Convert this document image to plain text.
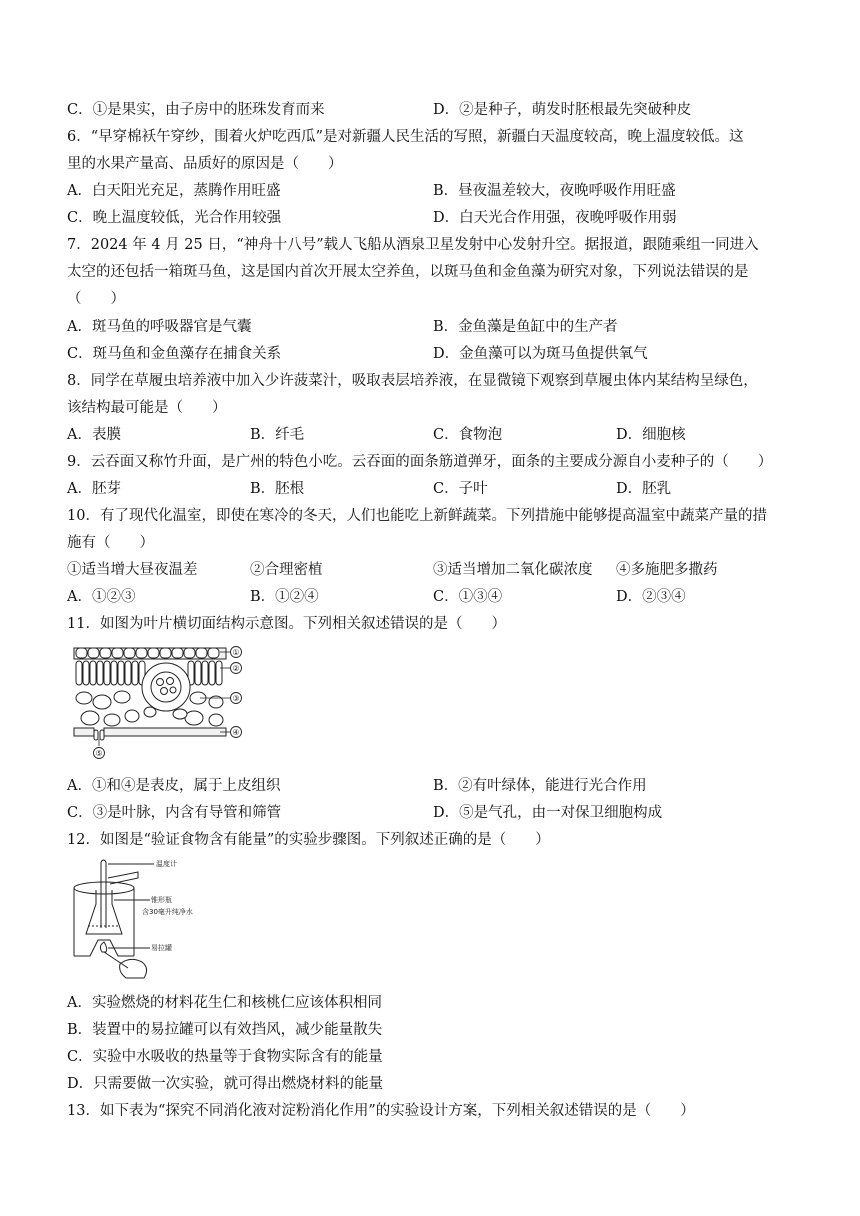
C．①是果实，由子房中的胚珠发育而来	D．②是种子，萌发时胚根最先突破种皮
6．“早穿棉袄午穿纱，围着火炉吃西瓜”是对新疆人民生活的写照，新疆白天温度较高，晚上温度较低。这
里的水果产量高、品质好的原因是（　　）
A．白天阳光充足，蒸腾作用旺盛	B．昼夜温差较大，夜晚呼吸作用旺盛
C．晚上温度较低，光合作用较强	D．白天光合作用强，夜晚呼吸作用弱
7．2024 年 4 月 25 日，“神舟十八号”载人飞船从酒泉卫星发射中心发射升空。据报道，跟随乘组一同进入
太空的还包括一箱斑马鱼，这是国内首次开展太空养鱼，以斑马鱼和金鱼藻为研究对象，下列说法错误的是
（　　）
A．斑马鱼的呼吸器官是气囊	B．金鱼藻是鱼缸中的生产者
C．斑马鱼和金鱼藻存在捕食关系	D．金鱼藻可以为斑马鱼提供氧气
8．同学在草履虫培养液中加入少许菠菜汁，吸取表层培养液，在显微镜下观察到草履虫体内某结构呈绿色，
该结构最可能是（　　）
A．表膜	B．纤毛	C．食物泡	D．细胞核
9．云吞面又称竹升面，是广州的特色小吃。云吞面的面条筋道弹牙，面条的主要成分源自小麦种子的（　　）
A．胚芽	B．胚根	C．子叶	D．胚乳
10．有了现代化温室，即使在寒冷的冬天，人们也能吃上新鲜蔬菜。下列措施中能够提高温室中蔬菜产量的措
施有（　　）
①适当增大昼夜温差	②合理密植	③适当增加二氧化碳浓度 ④多施肥多撒药
A．①②③	B．①②④	C．①③④	D．②③④
11．如图为叶片横切面结构示意图。下列相关叙述错误的是（　　）
①
②
③
④
⑤
A．①和④是表皮，属于上皮组织	B．②有叶绿体，能进行光合作用
C．③是叶脉，内含有导管和筛管	D．⑤是气孔，由一对保卫细胞构成
12．如图是“验证食物含有能量”的实验步骤图。下列叙述正确的是（　　）
温度计
锥形瓶
含30毫升纯净水
易拉罐
A．实验燃烧的材料花生仁和核桃仁应该体积相同
B．装置中的易拉罐可以有效挡风，减少能量散失
C．实验中水吸收的热量等于食物实际含有的能量
D．只需要做一次实验，就可得出燃烧材料的能量
13．如下表为“探究不同消化液对淀粉消化作用”的实验设计方案，下列相关叙述错误的是（　　）
